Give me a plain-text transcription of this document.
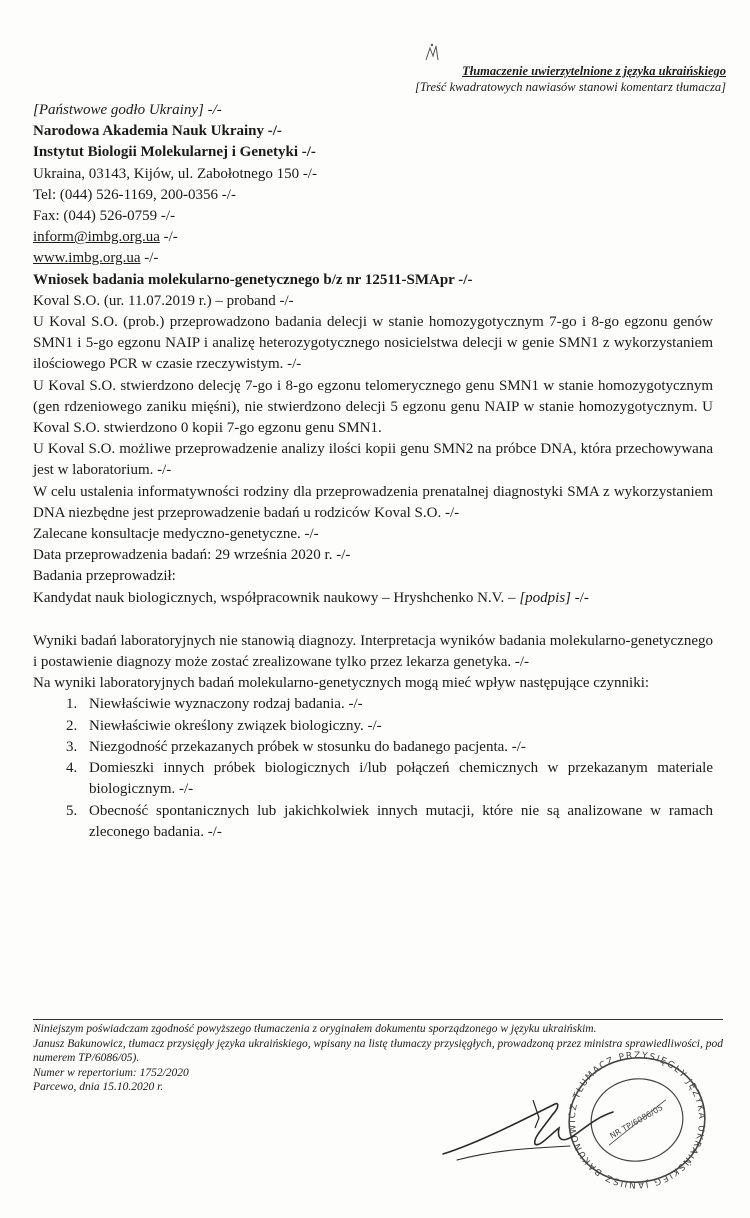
Tłumaczenie uwierzytelnione z języka ukraińskiego
[Treść kwadratowych nawiasów stanowi komentarz tłumacza]

[Państwowe godło Ukrainy] -/-

Narodowa Akademia Nauk Ukrainy -/-

Instytut Biologii Molekularnej i Genetyki -/-

Ukraina, 03143, Kijów, ul. Zabołotnego 150 -/-

Tel: (044) 526-1169, 200-0356 -/-

Fax: (044) 526-0759 -/-

inform@imbg.org.ua -/-

www.imbg.org.ua -/-

Wniosek badania molekularno-genetycznego b/z nr 12511-SMApr -/-

Koval S.O. (ur. 11.07.2019 r.) – proband -/-

U Koval S.O. (prob.) przeprowadzono badania delecji w stanie homozygotycznym 7-go i 8-go egzonu genów SMN1 i 5-go egzonu NAIP i analizę heterozygotycznego nosicielstwa delecji w genie SMN1 z wykorzystaniem ilościowego PCR w czasie rzeczywistym. -/-

U Koval S.O. stwierdzono delecję 7-go i 8-go egzonu telomerycznego genu SMN1 w stanie homozygotycznym (gen rdzeniowego zaniku mięśni), nie stwierdzono delecji 5 egzonu genu NAIP w stanie homozygotycznym. U Koval S.O. stwierdzono 0 kopii 7-go egzonu genu SMN1.

U Koval S.O. możliwe przeprowadzenie analizy ilości kopii genu SMN2 na próbce DNA, która przechowywana jest w laboratorium. -/-

W celu ustalenia informatywności rodziny dla przeprowadzenia prenatalnej diagnostyki SMA z wykorzystaniem DNA niezbędne jest przeprowadzenie badań u rodziców Koval S.O. -/-

Zalecane konsultacje medyczno-genetyczne. -/-

Data przeprowadzenia badań: 29 września 2020 r. -/-

Badania przeprowadził:

Kandydat nauk biologicznych, współpracownik naukowy – Hryshchenko N.V. – [podpis] -/-

Wyniki badań laboratoryjnych nie stanowią diagnozy. Interpretacja wyników badania molekularno-genetycznego i postawienie diagnozy może zostać zrealizowane tylko przez lekarza genetyka. -/-

Na wyniki laboratoryjnych badań molekularno-genetycznych mogą mieć wpływ następujące czynniki:

1. Niewłaściwie wyznaczony rodzaj badania. -/-
2. Niewłaściwie określony związek biologiczny. -/-
3. Niezgodność przekazanych próbek w stosunku do badanego pacjenta. -/-
4. Domieszki innych próbek biologicznych i/lub połączeń chemicznych w przekazanym materiale biologicznym. -/-
5. Obecność spontanicznych lub jakichkolwiek innych mutacji, które nie są analizowane w ramach zleconego badania. -/-

Niniejszym poświadczam zgodność powyższego tłumaczenia z oryginałem dokumentu sporządzonego w języku ukraińskim.

Janusz Bakunowicz, tłumacz przysięgły języka ukraińskiego, wpisany na listę tłumaczy przysięgłych, prowadzoną przez ministra sprawiedliwości, pod numerem TP/6086/05).

Numer w repertorium: 1752/2020

Parcewo, dnia 15.10.2020 r.

JANUSZ BAKUNOWICZ TŁUMACZ PRZYSIĘGŁY JĘZYKA UKRAIŃSKIEGO
NR TP/6086/05
